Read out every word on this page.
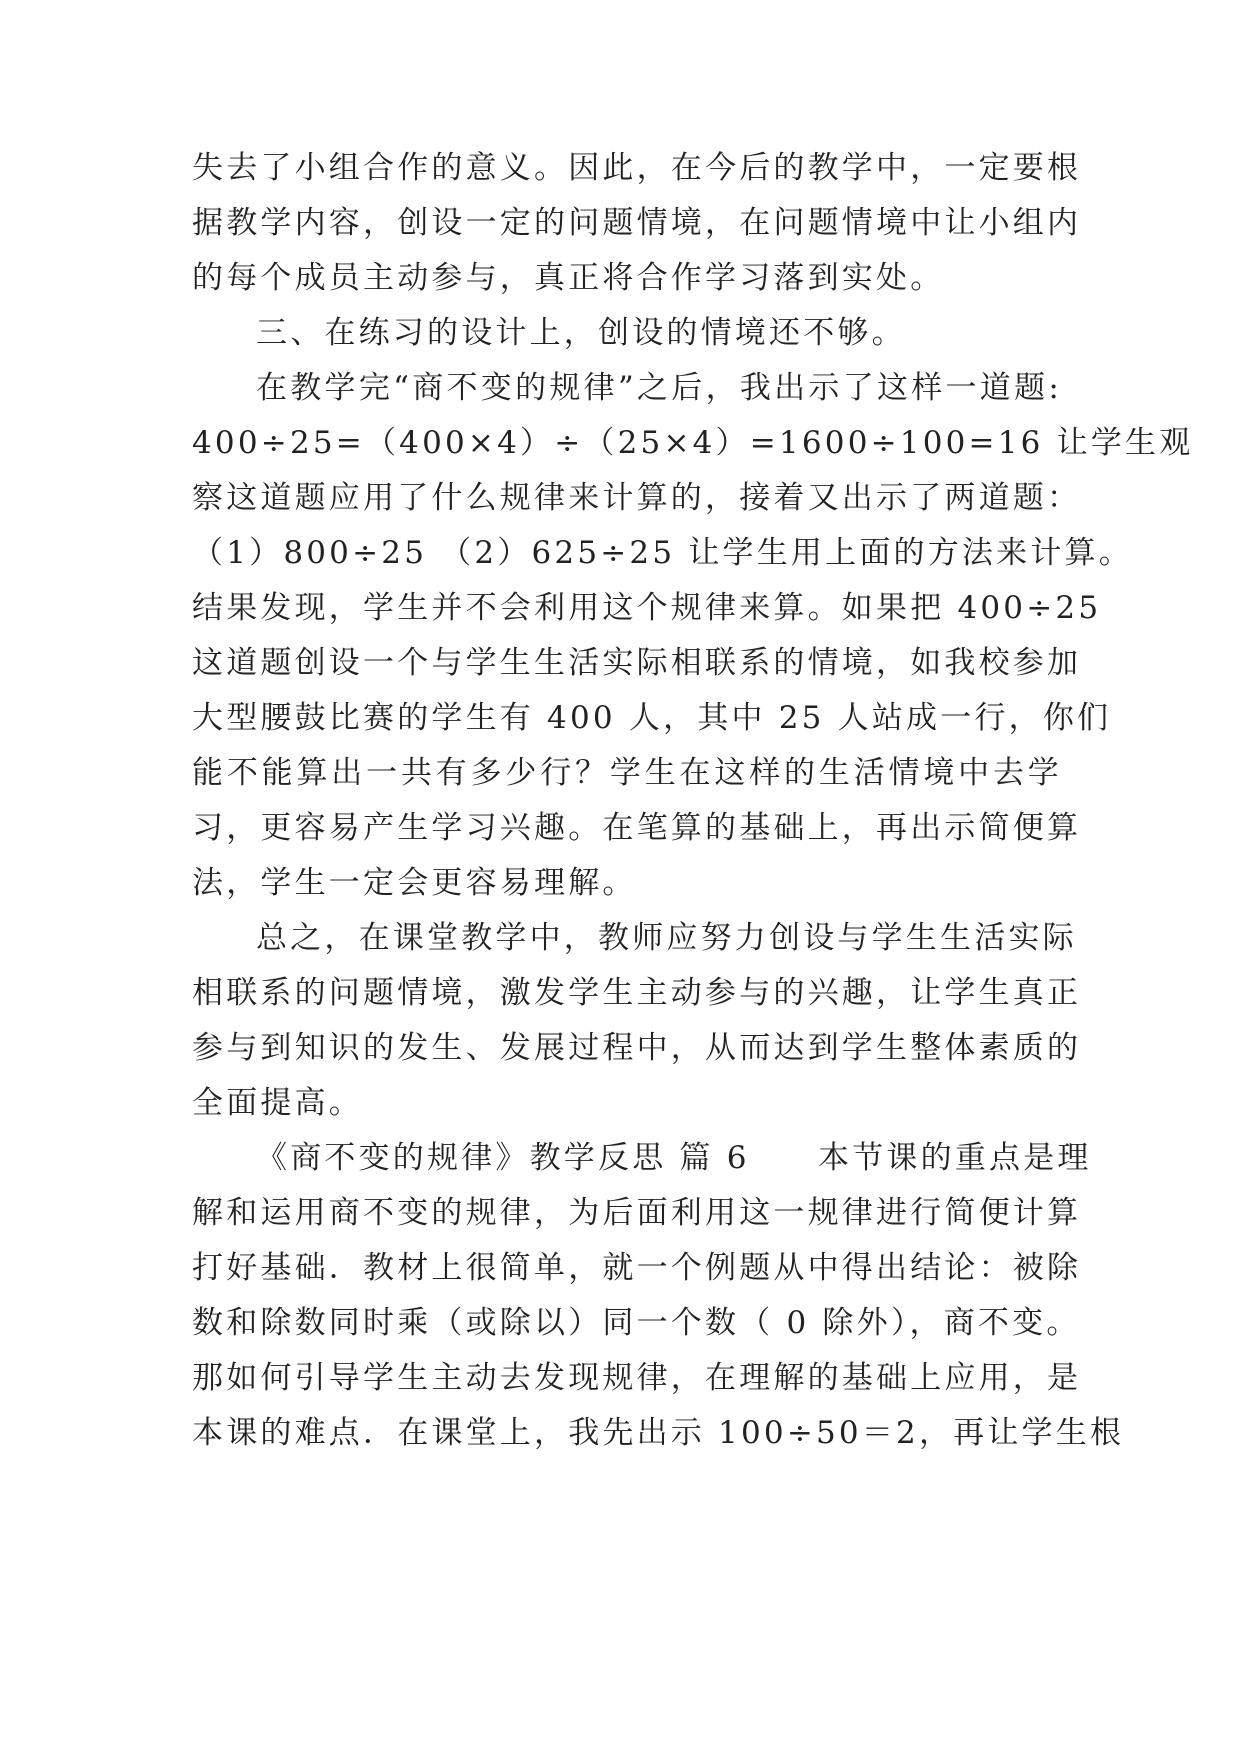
失去了小组合作的意义。因此，在今后的教学中，一定要根
据教学内容，创设一定的问题情境，在问题情境中让小组内
的每个成员主动参与，真正将合作学习落到实处。
三、在练习的设计上，创设的情境还不够。
在教学完“商不变的规律”之后，我出示了这样一道题:
400÷25=（400×4）÷（25×4）=1600÷100=16 让学生观
察这道题应用了什么规律来计算的，接着又出示了两道题：
（1）800÷25 （2）625÷25 让学生用上面的方法来计算。
结果发现，学生并不会利用这个规律来算。如果把 400÷25
这道题创设一个与学生生活实际相联系的情境，如我校参加
大型腰鼓比赛的学生有 400 人，其中 25 人站成一行，你们
能不能算出一共有多少行？学生在这样的生活情境中去学
习，更容易产生学习兴趣。在笔算的基础上，再出示简便算
法，学生一定会更容易理解。
总之，在课堂教学中，教师应努力创设与学生生活实际
相联系的问题情境，激发学生主动参与的兴趣，让学生真正
参与到知识的发生、发展过程中，从而达到学生整体素质的
全面提高。
《商不变的规律》教学反思 篇 6　　本节课的重点是理
解和运用商不变的规律，为后面利用这一规律进行简便计算
打好基础．教材上很简单，就一个例题从中得出结论：被除
数和除数同时乘（或除以）同一个数（ 0 除外），商不变。
那如何引导学生主动去发现规律，在理解的基础上应用，是
本课的难点．在课堂上，我先出示 100÷50＝2，再让学生根
